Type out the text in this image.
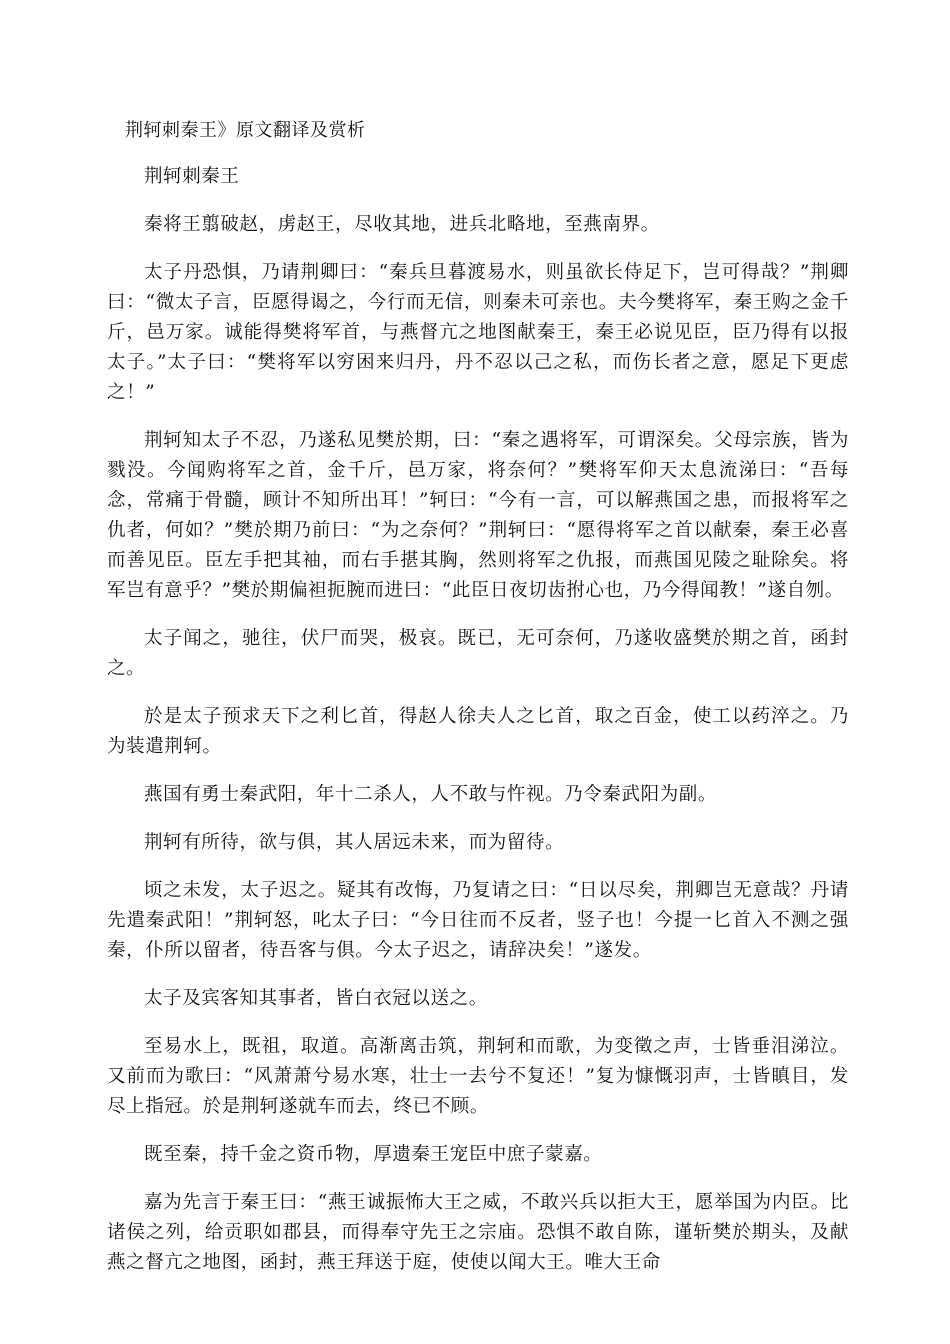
荆轲刺秦王》原文翻译及赏析

荆轲刺秦王

秦将王翦破赵，虏赵王，尽收其地，进兵北略地，至燕南界。

太子丹恐惧，乃请荆卿曰：“秦兵旦暮渡易水，则虽欲长侍足下，岂可得哉？”荆卿曰：“微太子言，臣愿得谒之，今行而无信，则秦未可亲也。夫今樊将军，秦王购之金千斤，邑万家。诚能得樊将军首，与燕督亢之地图献秦王，秦王必说见臣，臣乃得有以报太子。”太子曰：“樊将军以穷困来归丹，丹不忍以己之私，而伤长者之意，愿足下更虑之！”

荆轲知太子不忍，乃遂私见樊於期，曰：“秦之遇将军，可谓深矣。父母宗族，皆为戮没。今闻购将军之首，金千斤，邑万家，将奈何？”樊将军仰天太息流涕曰：“吾每念，常痛于骨髓，顾计不知所出耳！”轲曰：“今有一言，可以解燕国之患，而报将军之仇者，何如？”樊於期乃前曰：“为之奈何？”荆轲曰：“愿得将军之首以献秦，秦王必喜而善见臣。臣左手把其袖，而右手揕其胸，然则将军之仇报，而燕国见陵之耻除矣。将军岂有意乎？”樊於期偏袒扼腕而进曰：“此臣日夜切齿拊心也，乃今得闻教！”遂自刎。

太子闻之，驰往，伏尸而哭，极哀。既已，无可奈何，乃遂收盛樊於期之首，函封之。

於是太子预求天下之利匕首，得赵人徐夫人之匕首，取之百金，使工以药淬之。乃为装遣荆轲。

燕国有勇士秦武阳，年十二杀人，人不敢与忤视。乃令秦武阳为副。

荆轲有所待，欲与俱，其人居远未来，而为留待。

顷之未发，太子迟之。疑其有改悔，乃复请之曰：“日以尽矣，荆卿岂无意哉？丹请先遣秦武阳！”荆轲怒，叱太子曰：“今日往而不反者，竖子也！今提一匕首入不测之强秦，仆所以留者，待吾客与俱。今太子迟之，请辞决矣！”遂发。

太子及宾客知其事者，皆白衣冠以送之。

至易水上，既祖，取道。高渐离击筑，荆轲和而歌，为变徵之声，士皆垂泪涕泣。又前而为歌曰：“风萧萧兮易水寒，壮士一去兮不复还！”复为慷慨羽声，士皆瞋目，发尽上指冠。於是荆轲遂就车而去，终已不顾。

既至秦，持千金之资币物，厚遗秦王宠臣中庶子蒙嘉。

嘉为先言于秦王曰：“燕王诚振怖大王之威，不敢兴兵以拒大王，愿举国为内臣。比诸侯之列，给贡职如郡县，而得奉守先王之宗庙。恐惧不敢自陈，谨斩樊於期头，及献燕之督亢之地图，函封，燕王拜送于庭，使使以闻大王。唯大王命
